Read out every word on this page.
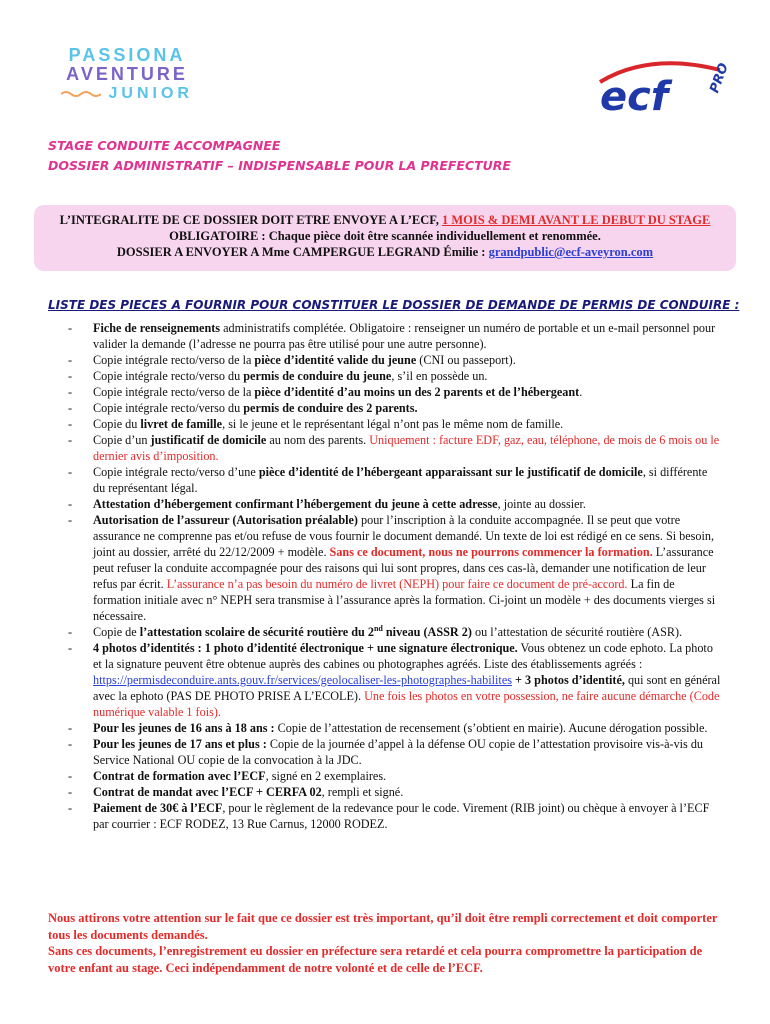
PASSIONA
AVENTURE
JUNIOR	ecf	PRO
STAGE CONDUITE ACCOMPAGNEE
DOSSIER ADMINISTRATIF – INDISPENSABLE POUR LA PREFECTURE
L’INTEGRALITE DE CE DOSSIER DOIT ETRE ENVOYE A L’ECF, 1 MOIS & DEMI AVANT LE DEBUT DU STAGE
OBLIGATOIRE : Chaque pièce doit être scannée individuellement et renommée.
DOSSIER A ENVOYER A Mme CAMPERGUE LEGRAND Émilie : grandpublic@ecf-aveyron.com
LISTE DES PIECES A FOURNIR POUR CONSTITUER LE DOSSIER DE DEMANDE DE PERMIS DE CONDUIRE :
- Fiche de renseignements administratifs complétée. Obligatoire : renseigner un numéro de portable et un e-mail personnel pour valider la demande (l’adresse ne pourra pas être utilisé pour une autre personne).
- Copie intégrale recto/verso de la pièce d’identité valide du jeune (CNI ou passeport).
- Copie intégrale recto/verso du permis de conduire du jeune, s’il en possède un.
- Copie intégrale recto/verso de la pièce d’identité d’au moins un des 2 parents et de l’hébergeant.
- Copie intégrale recto/verso du permis de conduire des 2 parents.
- Copie du livret de famille, si le jeune et le représentant légal n’ont pas le même nom de famille.
- Copie d’un justificatif de domicile au nom des parents. Uniquement : facture EDF, gaz, eau, téléphone, de mois de 6 mois ou le dernier avis d’imposition.
- Copie intégrale recto/verso d’une pièce d’identité de l’hébergeant apparaissant sur le justificatif de domicile, si différente du représentant légal.
- Attestation d’hébergement confirmant l’hébergement du jeune à cette adresse, jointe au dossier.
- Autorisation de l’assureur (Autorisation préalable) pour l’inscription à la conduite accompagnée. Il se peut que votre assurance ne comprenne pas et/ou refuse de vous fournir le document demandé. Un texte de loi est rédigé en ce sens. Si besoin, joint au dossier, arrêté du 22/12/2009 + modèle. Sans ce document, nous ne pourrons commencer la formation. L’assurance peut refuser la conduite accompagnée pour des raisons qui lui sont propres, dans ces cas-là, demander une notification de leur refus par écrit. L’assurance n’a pas besoin du numéro de livret (NEPH) pour faire ce document de pré-accord. La fin de formation initiale avec n° NEPH sera transmise à l’assurance après la formation. Ci-joint un modèle + des documents vierges si nécessaire.
- Copie de l’attestation scolaire de sécurité routière du 2nd niveau (ASSR 2) ou l’attestation de sécurité routière (ASR).
- 4 photos d’identités : 1 photo d’identité électronique + une signature électronique. Vous obtenez un code ephoto. La photo et la signature peuvent être obtenue auprès des cabines ou photographes agréés. Liste des établissements agréés : https://permisdeconduire.ants.gouv.fr/services/geolocaliser-les-photographes-habilites + 3 photos d’identité, qui sont en général avec la ephoto (PAS DE PHOTO PRISE A L’ECOLE). Une fois les photos en votre possession, ne faire aucune démarche (Code numérique valable 1 fois).
- Pour les jeunes de 16 ans à 18 ans : Copie de l’attestation de recensement (s’obtient en mairie). Aucune dérogation possible.
- Pour les jeunes de 17 ans et plus : Copie de la journée d’appel à la défense OU copie de l’attestation provisoire vis-à-vis du Service National OU copie de la convocation à la JDC.
- Contrat de formation avec l’ECF, signé en 2 exemplaires.
- Contrat de mandat avec l’ECF + CERFA 02, rempli et signé.
- Paiement de 30€ à l’ECF, pour le règlement de la redevance pour le code. Virement (RIB joint) ou chèque à envoyer à l’ECF par courrier : ECF RODEZ, 13 Rue Carnus, 12000 RODEZ.
Nous attirons votre attention sur le fait que ce dossier est très important, qu’il doit être rempli correctement et doit comporter tous les documents demandés.
Sans ces documents, l’enregistrement eu dossier en préfecture sera retardé et cela pourra compromettre la participation de votre enfant au stage. Ceci indépendamment de notre volonté et de celle de l’ECF.
